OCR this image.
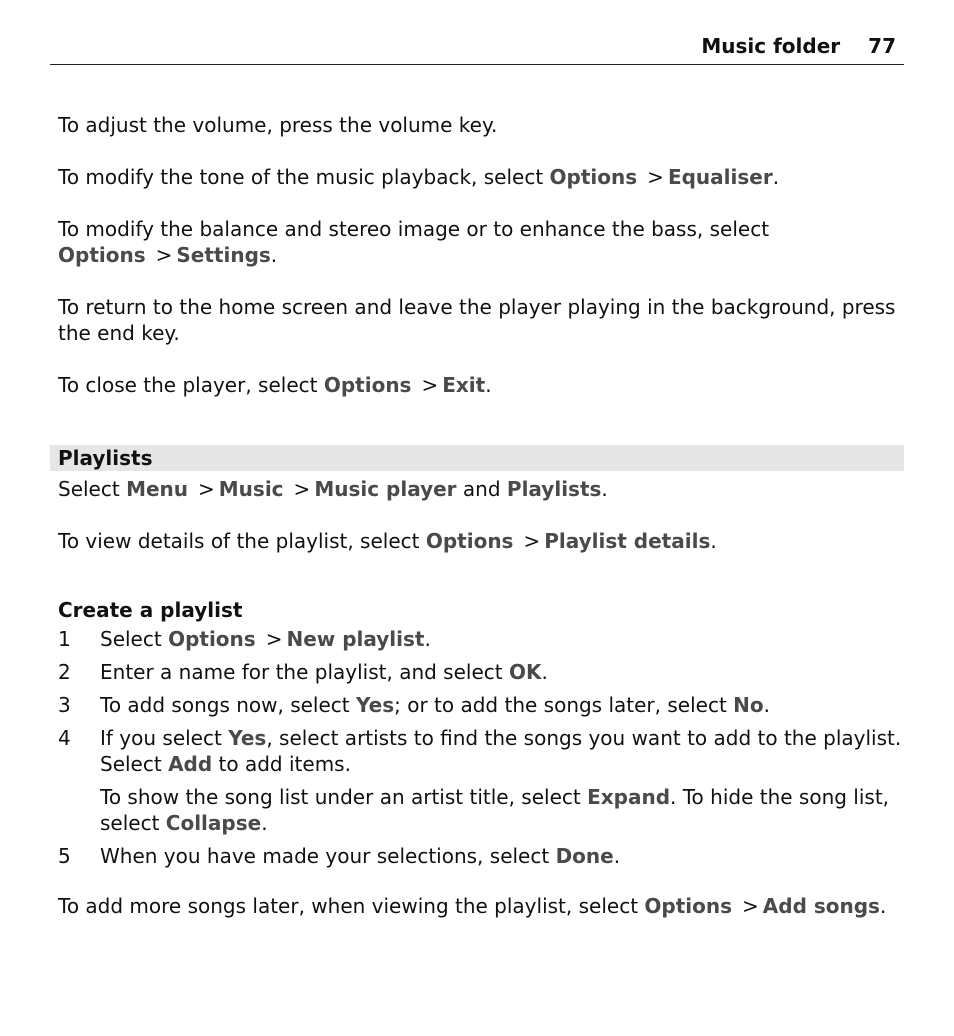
Music folder 77

To adjust the volume, press the volume key.

To modify the tone of the music playback, select Options > Equaliser.

To modify the balance and stereo image or to enhance the bass, select Options > Settings.

To return to the home screen and leave the player playing in the background, press the end key.

To close the player, select Options > Exit.

Playlists

Select Menu > Music > Music player and Playlists.

To view details of the playlist, select Options > Playlist details.

Create a playlist
1 Select Options > New playlist.
2 Enter a name for the playlist, and select OK.
3 To add songs now, select Yes; or to add the songs later, select No.
4 If you select Yes, select artists to find the songs you want to add to the playlist. Select Add to add items.
To show the song list under an artist title, select Expand. To hide the song list, select Collapse.
5 When you have made your selections, select Done.

To add more songs later, when viewing the playlist, select Options > Add songs.
